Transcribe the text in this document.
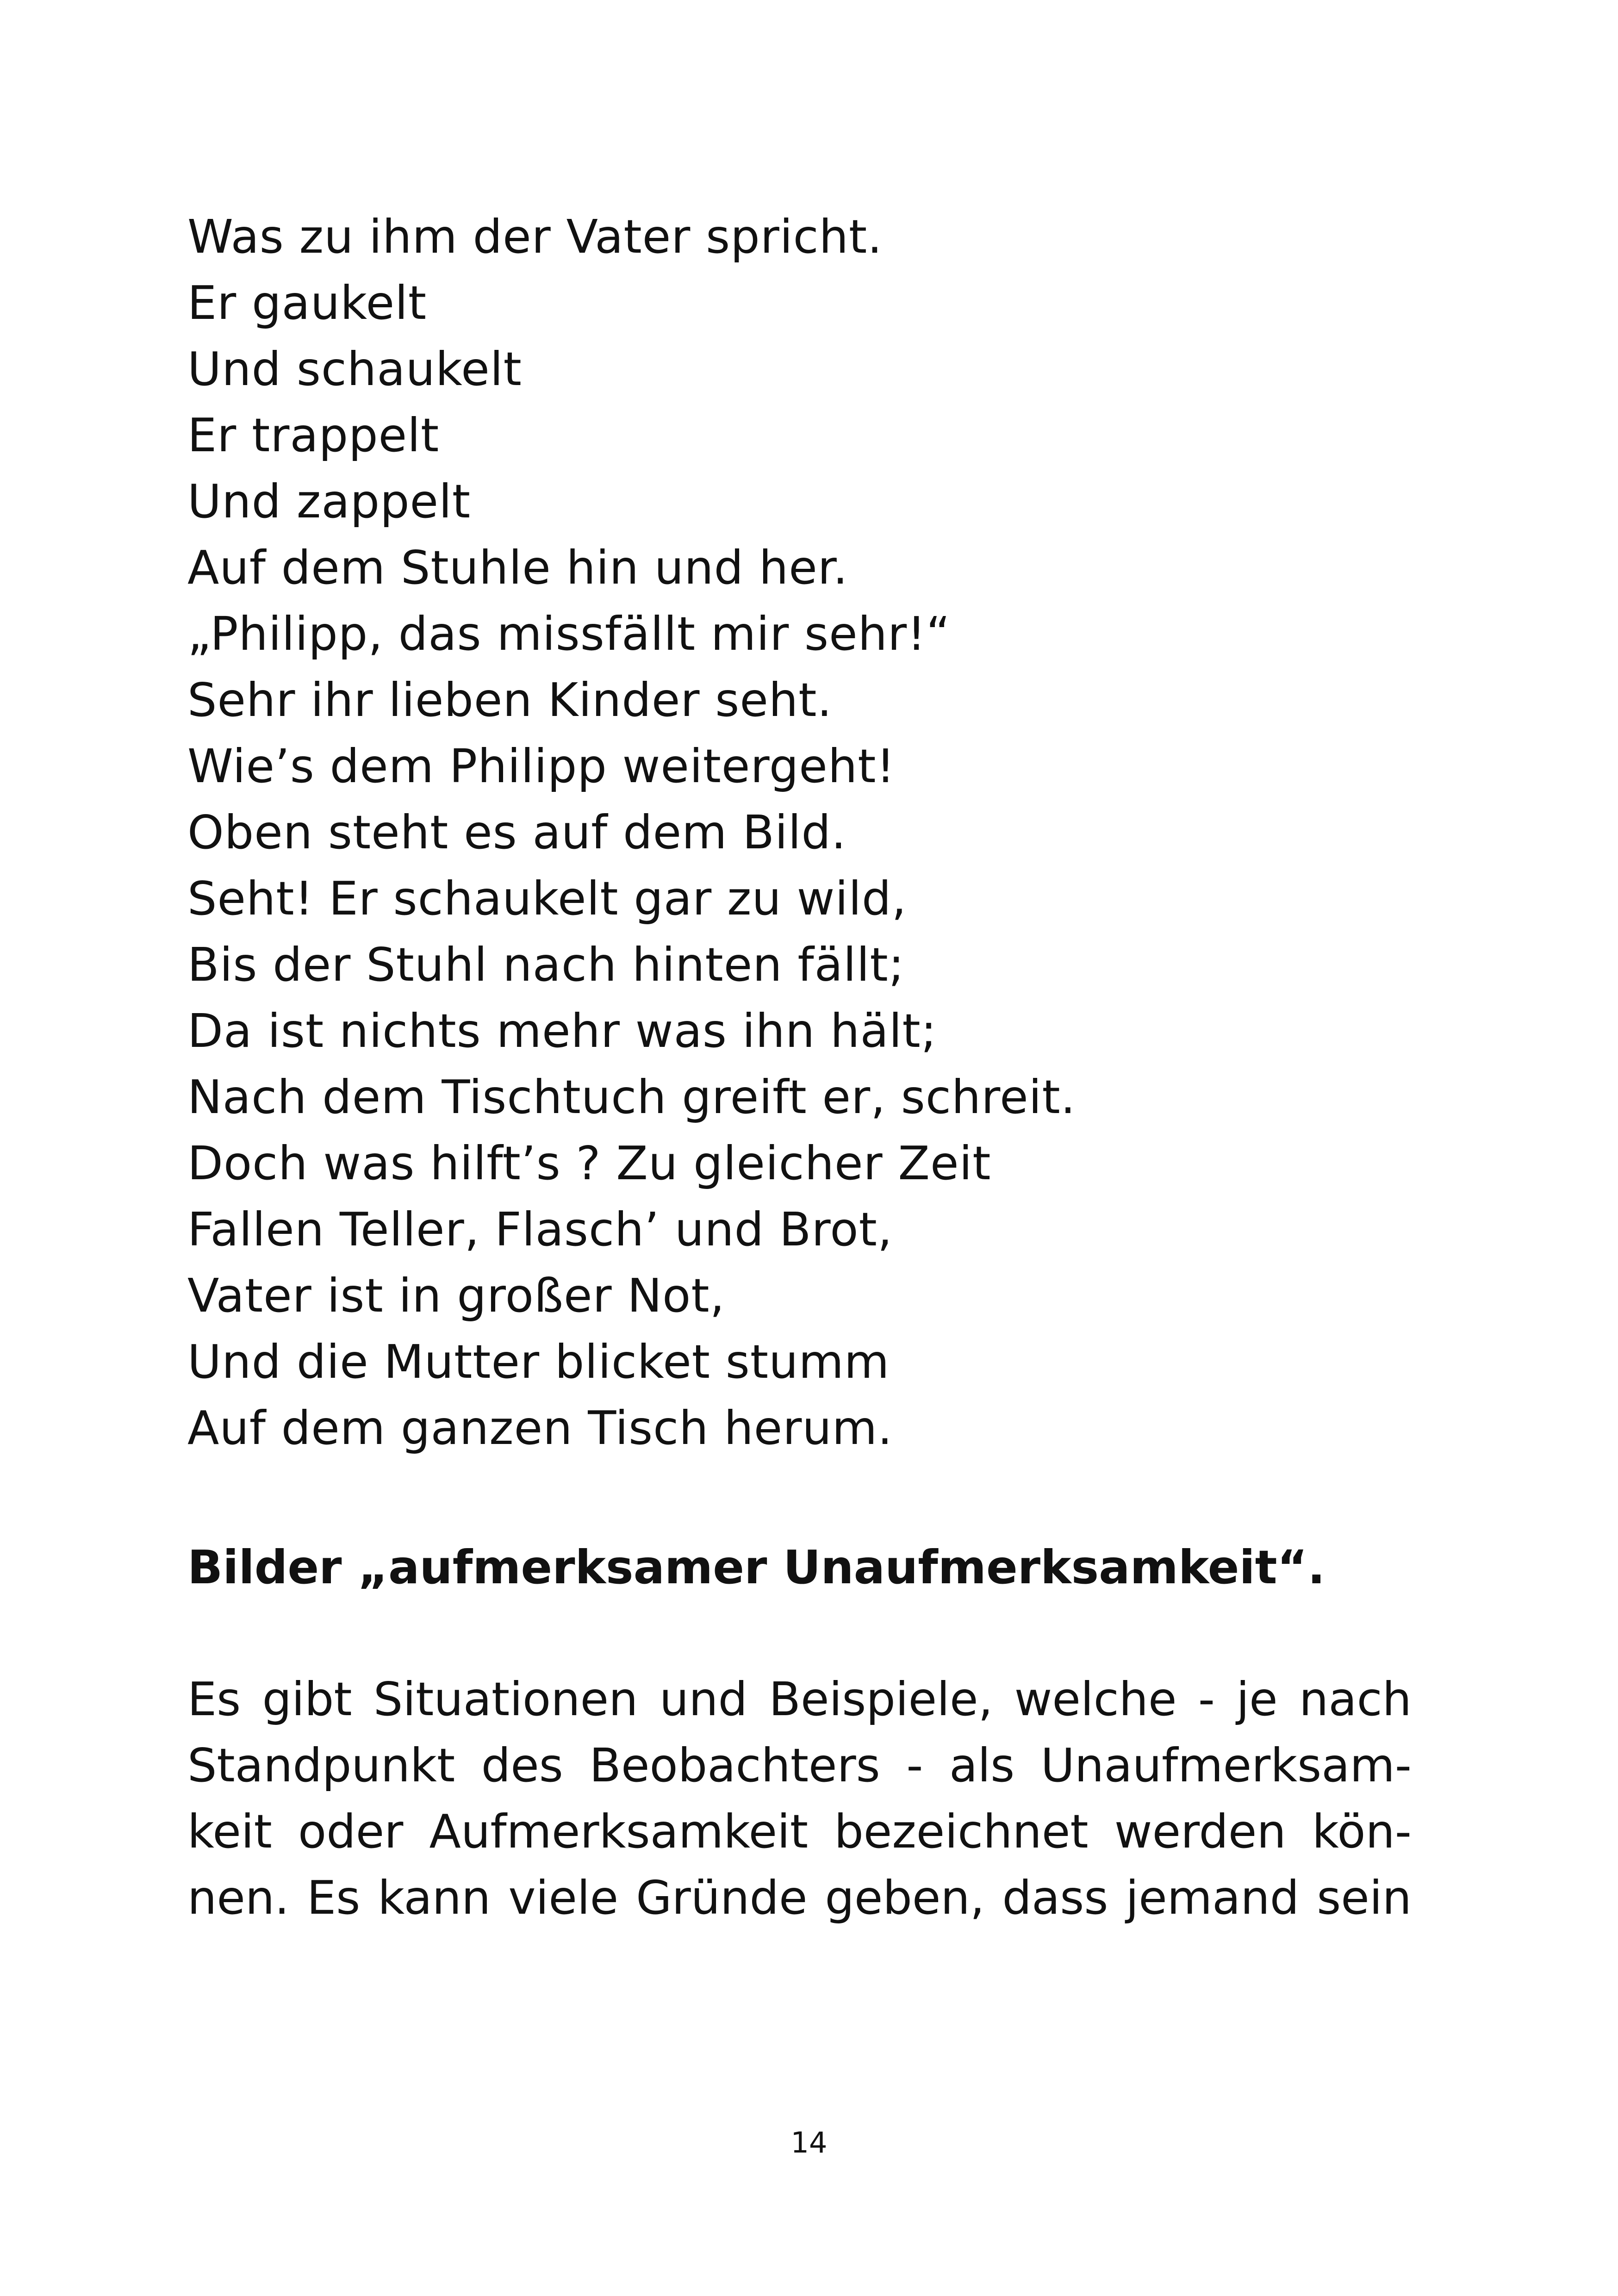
Was zu ihm der Vater spricht.
Er gaukelt
Und schaukelt
Er trappelt
Und zappelt
Auf dem Stuhle hin und her.
„Philipp, das missfällt mir sehr!“
Sehr ihr lieben Kinder seht.
Wie’s dem Philipp weitergeht!
Oben steht es auf dem Bild.
Seht! Er schaukelt gar zu wild,
Bis der Stuhl nach hinten fällt;
Da ist nichts mehr was ihn hält;
Nach dem Tischtuch greift er, schreit.
Doch was hilft’s ? Zu gleicher Zeit
Fallen Teller, Flasch’ und Brot,
Vater ist in großer Not,
Und die Mutter blicket stumm
Auf dem ganzen Tisch herum.
Bilder „aufmerksamer Unaufmerksamkeit“.
Es gibt Situationen und Beispiele, welche - je nach
Standpunkt des Beobachters - als Unaufmerksam-
keit oder Aufmerksamkeit bezeichnet werden kön-
nen. Es kann viele Gründe geben, dass jemand sein
14
